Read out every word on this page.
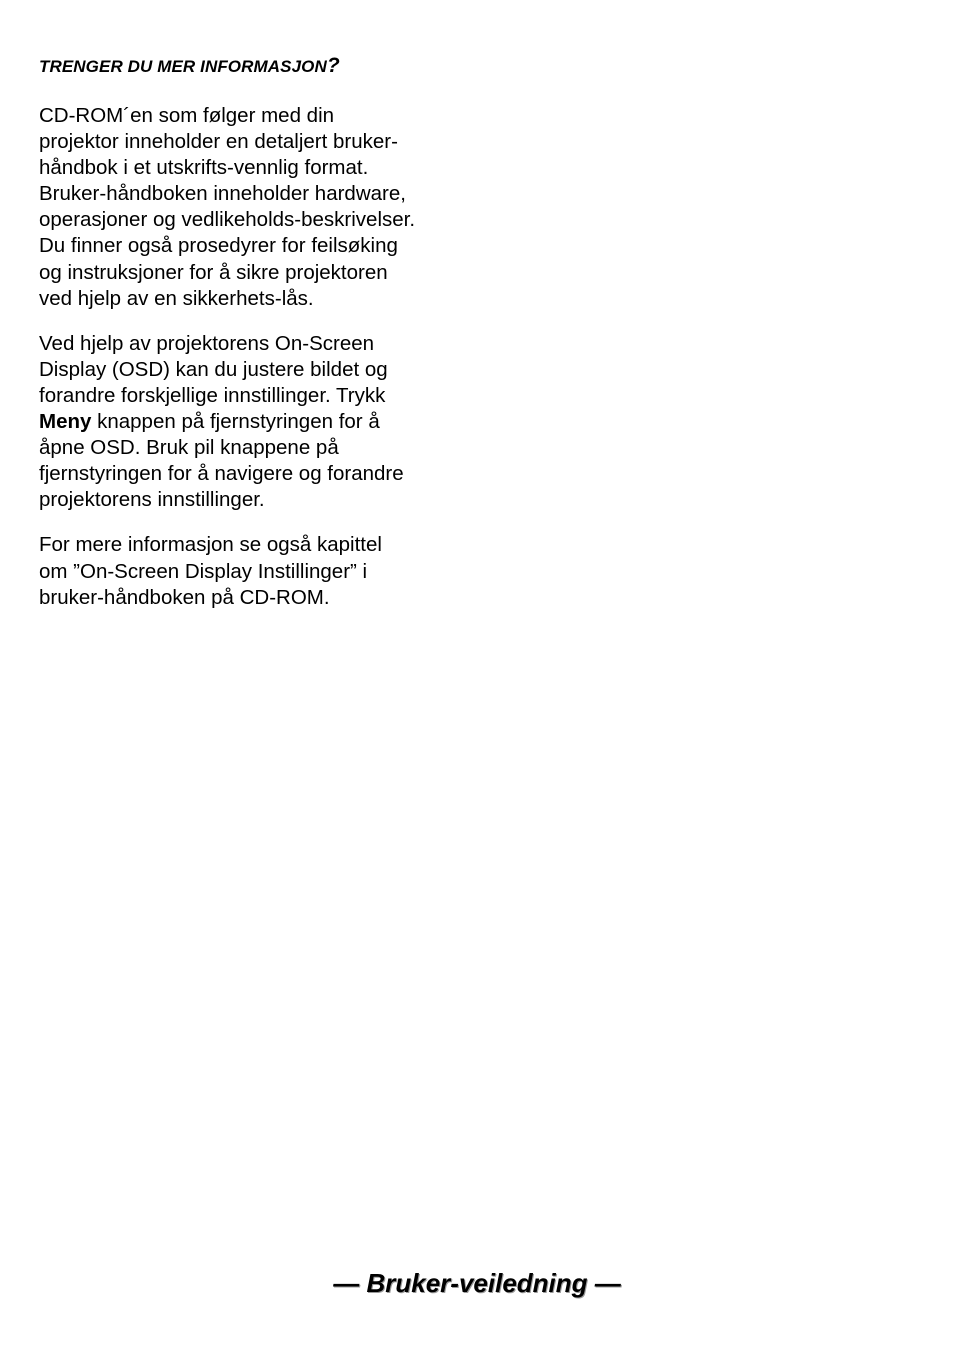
TRENGER DU MER INFORMASJON?

CD-ROM´en som følger med din
projektor inneholder en detaljert bruker-
håndbok i et utskrifts-vennlig format.
Bruker-håndboken inneholder hardware,
operasjoner og vedlikeholds-beskrivelser.
Du finner også prosedyrer for feilsøking
og instruksjoner for å sikre projektoren
ved hjelp av en sikkerhets-lås.

Ved hjelp av projektorens On-Screen
Display (OSD) kan du justere bildet og
forandre forskjellige innstillinger. Trykk
Meny knappen på fjernstyringen for å
åpne OSD. Bruk pil knappene på
fjernstyringen for å navigere og forandre
projektorens innstillinger.

For mere informasjon se også kapittel
om ”On-Screen Display Instillinger” i
bruker-håndboken på CD-ROM.

— Bruker-veiledning —
